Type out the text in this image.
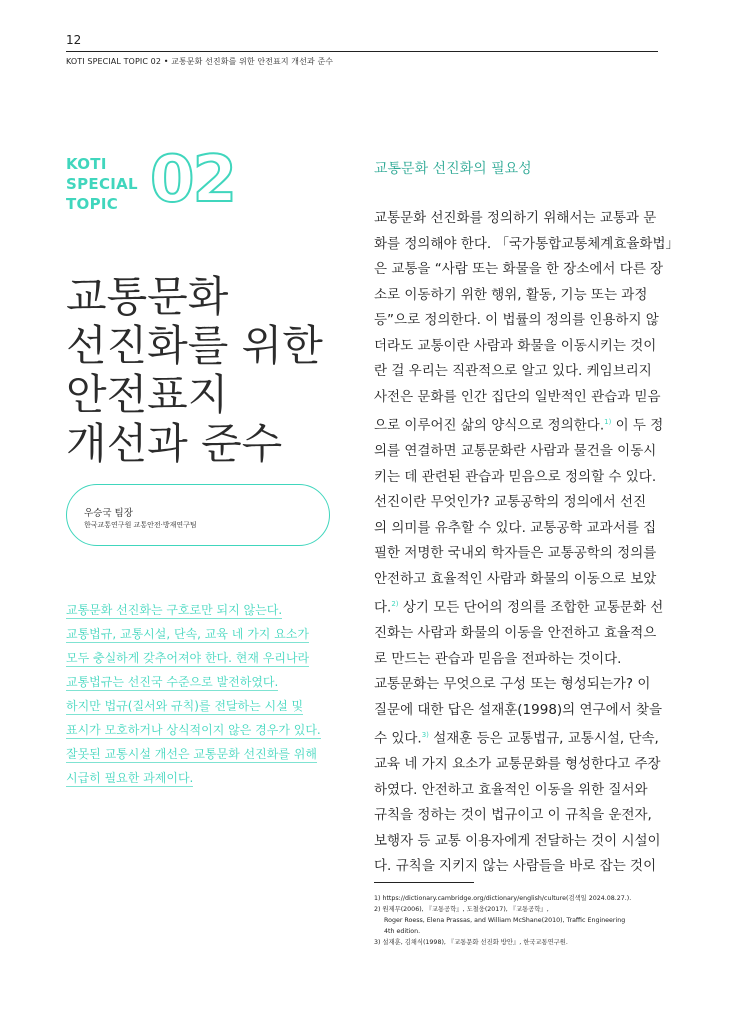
12
KOTI SPECIAL TOPIC 02 • 교통문화 선진화를 위한 안전표지 개선과 준수
KOTI
SPECIAL
TOPIC 02
교통문화
선진화를 위한
안전표지
개선과 준수
우승국 팀장
한국교통연구원 교통안전·방재연구팀
교통문화 선진화는 구호로만 되지 않는다.
교통법규, 교통시설, 단속, 교육 네 가지 요소가
모두 충실하게 갖추어져야 한다. 현재 우리나라
교통법규는 선진국 수준으로 발전하였다.
하지만 법규(질서와 규칙)를 전달하는 시설 및
표시가 모호하거나 상식적이지 않은 경우가 있다.
잘못된 교통시설 개선은 교통문화 선진화를 위해
시급히 필요한 과제이다.
교통문화 선진화의 필요성
교통문화 선진화를 정의하기 위해서는 교통과 문
화를 정의해야 한다. 「국가통합교통체계효율화법」
은 교통을 “사람 또는 화물을 한 장소에서 다른 장
소로 이동하기 위한 행위, 활동, 기능 또는 과정
등”으로 정의한다. 이 법률의 정의를 인용하지 않
더라도 교통이란 사람과 화물을 이동시키는 것이
란 걸 우리는 직관적으로 알고 있다. 케임브리지
사전은 문화를 인간 집단의 일반적인 관습과 믿음
으로 이루어진 삶의 양식으로 정의한다.$^{1)}$ 이 두 정
의를 연결하면 교통문화란 사람과 물건을 이동시
키는 데 관련된 관습과 믿음으로 정의할 수 있다.
선진이란 무엇인가? 교통공학의 정의에서 선진
의 의미를 유추할 수 있다. 교통공학 교과서를 집
필한 저명한 국내외 학자들은 교통공학의 정의를
안전하고 효율적인 사람과 화물의 이동으로 보았
다.$^{2)}$ 상기 모든 단어의 정의를 조합한 교통문화 선
진화는 사람과 화물의 이동을 안전하고 효율적으
로 만드는 관습과 믿음을 전파하는 것이다.
교통문화는 무엇으로 구성 또는 형성되는가? 이
질문에 대한 답은 설재훈(1998)의 연구에서 찾을
수 있다.$^{3)}$ 설재훈 등은 교통법규, 교통시설, 단속,
교육 네 가지 요소가 교통문화를 형성한다고 주장
하였다. 안전하고 효율적인 이동을 위한 질서와
규칙을 정하는 것이 법규이고 이 규칙을 운전자,
보행자 등 교통 이용자에게 전달하는 것이 시설이
다. 규칙을 지키지 않는 사람들을 바로 잡는 것이
1) https://dictionary.cambridge.org/dictionary/english/culture(검색일 2024.08.27.).
2) 원제무(2006), 『교통공학』, 도철웅(2017), 『교통공학』,
Roger Roess, Elena Prassas, and William McShane(2010), Traffic Engineering
4th edition.
3) 설재훈, 김채식(1998), 『교통문화 선진화 방안』, 한국교통연구원.
